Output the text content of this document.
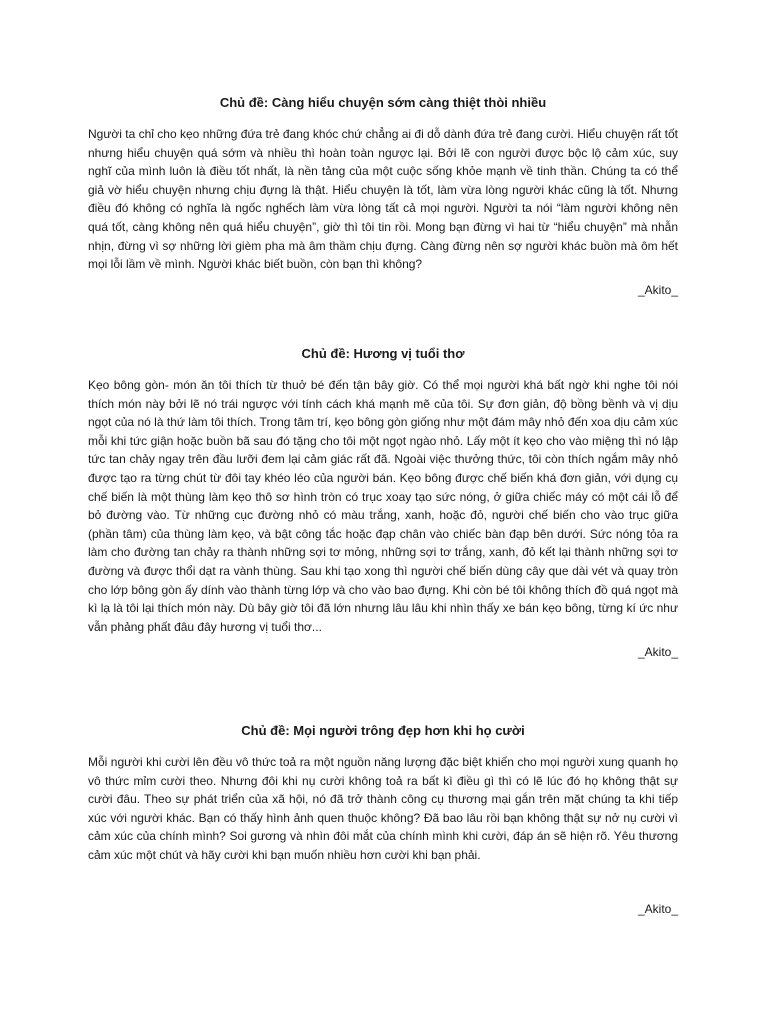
Chủ đề: Càng hiểu chuyện sớm càng thiệt thòi nhiều

Người ta chỉ cho kẹo những đứa trẻ đang khóc chứ chẳng ai đi dỗ dành đứa trẻ đang cười. Hiểu chuyện rất tốt nhưng hiểu chuyện quá sớm và nhiều thì hoàn toàn ngược lại. Bởi lẽ con người được bộc lộ cảm xúc, suy nghĩ của mình luôn là điều tốt nhất, là nền tảng của một cuộc sống khỏe mạnh về tinh thần. Chúng ta có thể giả vờ hiểu chuyện nhưng chịu đựng là thật. Hiểu chuyện là tốt, làm vừa lòng người khác cũng là tốt. Nhưng điều đó không có nghĩa là ngốc nghếch làm vừa lòng tất cả mọi người. Người ta nói “làm người không nên quá tốt, càng không nên quá hiểu chuyện”, giờ thì tôi tin rồi. Mong bạn đừng vì hai từ “hiểu chuyện” mà nhẫn nhịn, đừng vì sợ những lời gièm pha mà âm thầm chịu đựng. Càng đừng nên sợ người khác buồn mà ôm hết mọi lỗi lầm về mình. Người khác biết buồn, còn bạn thì không?

_Akito_

Chủ đề: Hương vị tuổi thơ

Kẹo bông gòn- món ăn tôi thích từ thuở bé đến tận bây giờ. Có thể mọi người khá bất ngờ khi nghe tôi nói thích món này bởi lẽ nó trái ngược với tính cách khá mạnh mẽ của tôi. Sự đơn giản, độ bồng bềnh và vị dịu ngọt của nó là thứ làm tôi thích. Trong tâm trí, kẹo bông gòn giống như một đám mây nhỏ đến xoa dịu cảm xúc mỗi khi tức giận hoặc buồn bã sau đó tặng cho tôi một ngọt ngào nhỏ. Lấy một ít kẹo cho vào miệng thì nó lập tức tan chảy ngay trên đầu lưỡi đem lại cảm giác rất đã. Ngoài việc thưởng thức, tôi còn thích ngắm mây nhỏ được tạo ra từng chút từ đôi tay khéo léo của người bán. Kẹo bông được chế biến khá đơn giản, với dụng cụ chế biến là một thùng làm kẹo thô sơ hình tròn có trục xoay tạo sức nóng, ở giữa chiếc máy có một cái lỗ để bỏ đường vào. Từ những cục đường nhỏ có màu trắng, xanh, hoặc đỏ, người chế biến cho vào trục giữa (phần tâm) của thùng làm kẹo, và bật công tắc hoặc đạp chân vào chiếc bàn đạp bên dưới. Sức nóng tỏa ra làm cho đường tan chảy ra thành những sợi tơ mỏng, những sợi tơ trắng, xanh, đỏ kết lại thành những sợi tơ đường và được thổi dạt ra vành thùng. Sau khi tạo xong thì người chế biến dùng cây que dài vét và quay tròn cho lớp bông gòn ấy dính vào thành từng lớp và cho vào bao đựng. Khi còn bé tôi không thích đồ quá ngọt mà kì lạ là tôi lại thích món này. Dù bây giờ tôi đã lớn nhưng lâu lâu khi nhìn thấy xe bán kẹo bông, từng kí ức như vẫn phảng phất đâu đây hương vị tuổi thơ...

_Akito_

Chủ đề: Mọi người trông đẹp hơn khi họ cười

Mỗi người khi cười lên đều vô thức toả ra một nguồn năng lượng đặc biệt khiến cho mọi người xung quanh họ vô thức mỉm cười theo. Nhưng đôi khi nụ cười không toả ra bất kì điều gì thì có lẽ lúc đó họ không thật sự cười đâu. Theo sự phát triển của xã hội, nó đã trở thành công cụ thương mại gắn trên mặt chúng ta khi tiếp xúc với người khác. Bạn có thấy hình ảnh quen thuộc không? Đã bao lâu rồi bạn không thật sự nở nụ cười vì cảm xúc của chính mình? Soi gương và nhìn đôi mắt của chính mình khi cười, đáp án sẽ hiện rõ. Yêu thương cảm xúc một chút và hãy cười khi bạn muốn nhiều hơn cười khi bạn phải.

_Akito_
